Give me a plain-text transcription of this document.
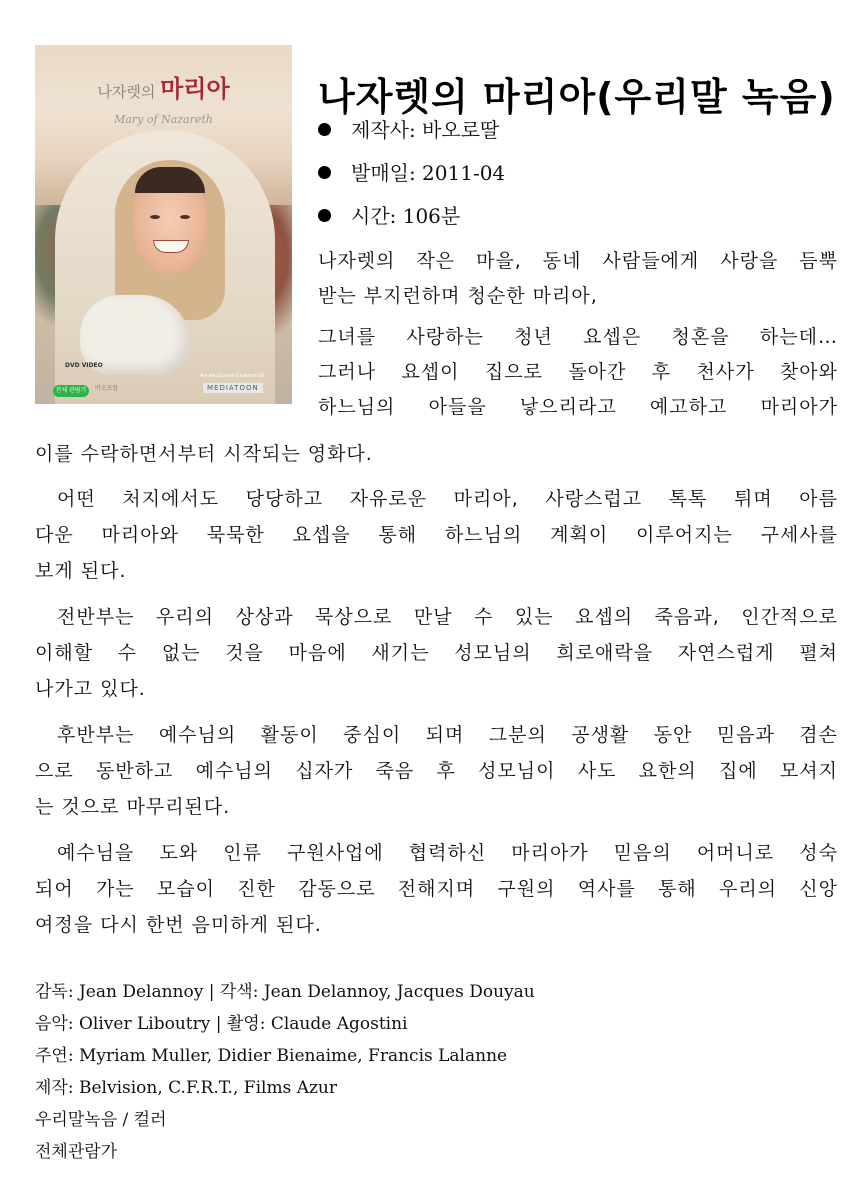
나자렛의 마리아
Mary of Nazareth
DVD VIDEO
전체 관람가	바오로딸
An exclusive Licence of
MEDIATOON
나자렛의 마리아(우리말 녹음)
제작사: 바오로딸
발매일: 2011-04
시간: 106분
나자렛의 작은 마을, 동네 사람들에게 사랑을 듬뿍
받는 부지런하며 청순한 마리아,
그녀를 사랑하는 청년 요셉은 청혼을 하는데…
그러나 요셉이 집으로 돌아간 후 천사가 찾아와
하느님의 아들을 낳으리라고 예고하고 마리아가
이를 수락하면서부터 시작되는 영화다.
어떤 처지에서도 당당하고 자유로운 마리아, 사랑스럽고 톡톡 튀며 아름
다운 마리아와 묵묵한 요셉을 통해 하느님의 계획이 이루어지는 구세사를
보게 된다.
전반부는 우리의 상상과 묵상으로 만날 수 있는 요셉의 죽음과, 인간적으로
이해할 수 없는 것을 마음에 새기는 성모님의 희로애락을 자연스럽게 펼쳐
나가고 있다.
후반부는 예수님의 활동이 중심이 되며 그분의 공생활 동안 믿음과 겸손
으로 동반하고 예수님의 십자가 죽음 후 성모님이 사도 요한의 집에 모셔지
는 것으로 마무리된다.
예수님을 도와 인류 구원사업에 협력하신 마리아가 믿음의 어머니로 성숙
되어 가는 모습이 진한 감동으로 전해지며 구원의 역사를 통해 우리의 신앙
여정을 다시 한번 음미하게 된다.
감독: Jean Delannoy | 각색: Jean Delannoy, Jacques Douyau
음악: Oliver Liboutry | 촬영: Claude Agostini
주연: Myriam Muller, Didier Bienaime, Francis Lalanne
제작: Belvision, C.F.R.T., Films Azur
우리말녹음 / 컬러
전체관람가
